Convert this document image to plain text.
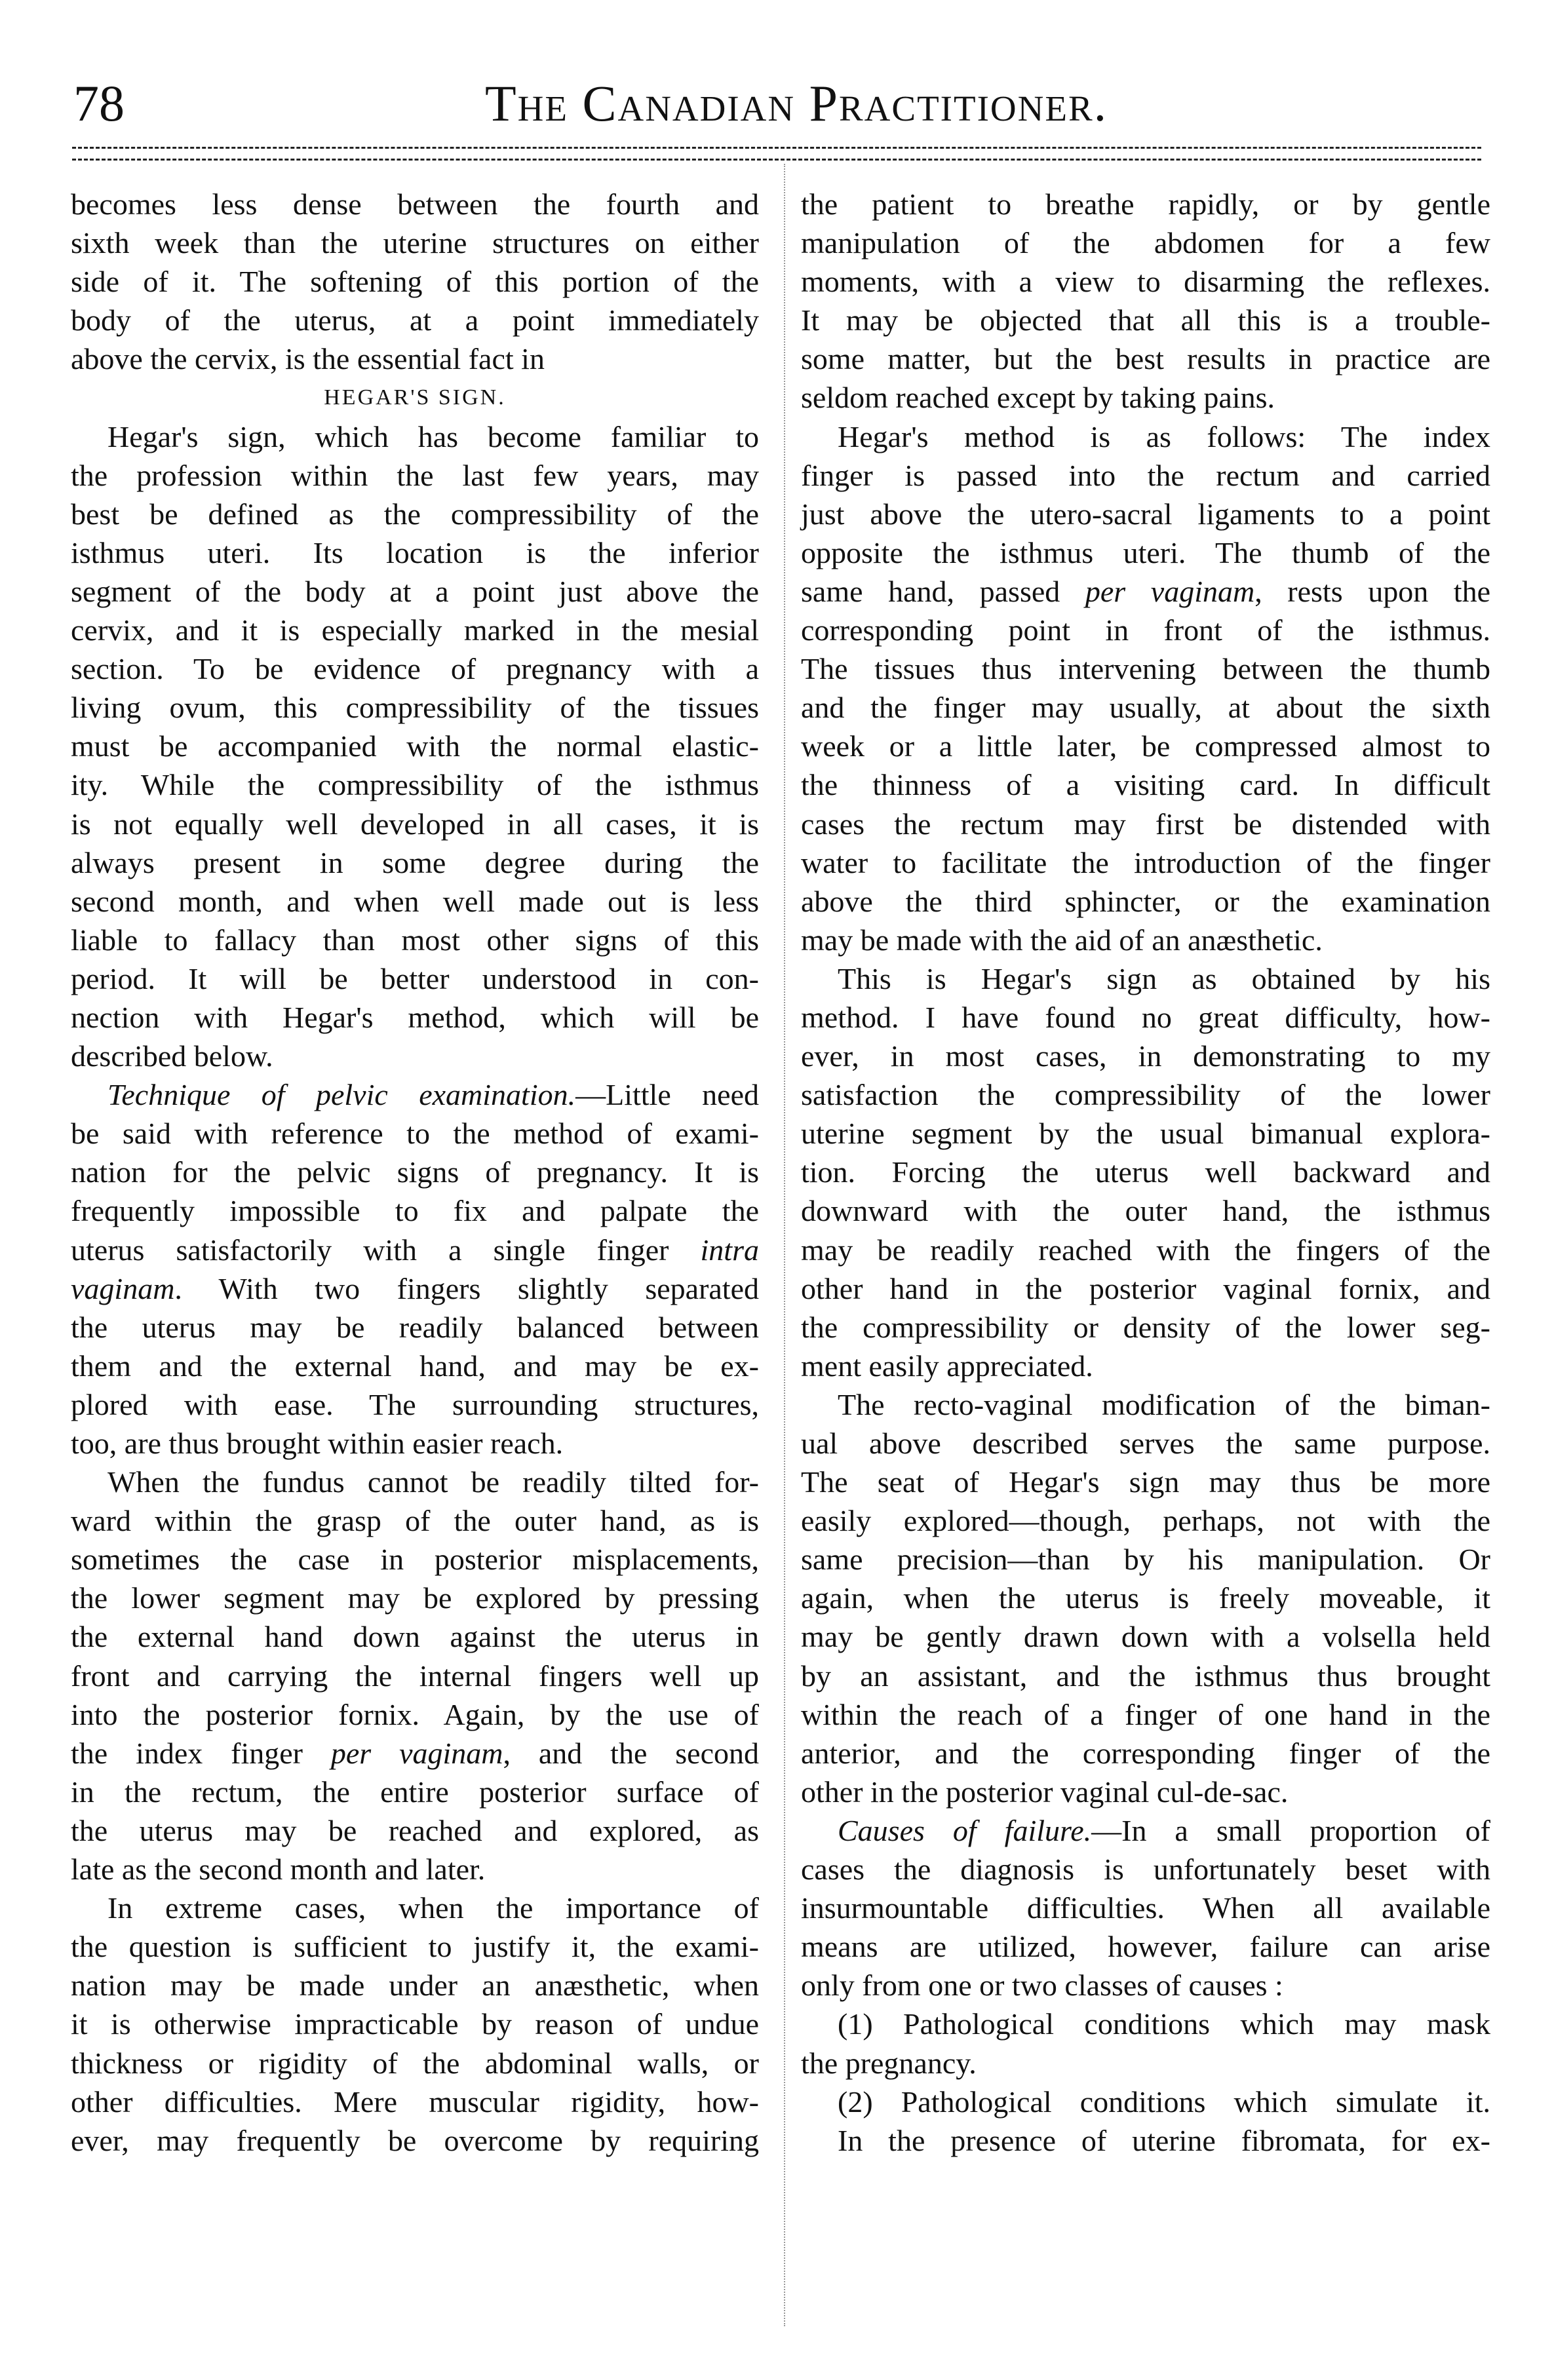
78	The Canadian Practitioner.
becomes less dense between the fourth and
sixth week than the uterine structures on either
side of it. The softening of this portion of the
body of the uterus, at a point immediately
above the cervix, is the essential fact in
HEGAR'S SIGN.
Hegar's sign, which has become familiar to
the profession within the last few years, may
best be defined as the compressibility of the
isthmus uteri. Its location is the inferior
segment of the body at a point just above the
cervix, and it is especially marked in the mesial
section. To be evidence of pregnancy with a
living ovum, this compressibility of the tissues
must be accompanied with the normal elastic-
ity. While the compressibility of the isthmus
is not equally well developed in all cases, it is
always present in some degree during the
second month, and when well made out is less
liable to fallacy than most other signs of this
period. It will be better understood in con-
nection with Hegar's method, which will be
described below.
Technique of pelvic examination.—Little need
be said with reference to the method of exami-
nation for the pelvic signs of pregnancy. It is
frequently impossible to fix and palpate the
uterus satisfactorily with a single finger intra
vaginam. With two fingers slightly separated
the uterus may be readily balanced between
them and the external hand, and may be ex-
plored with ease. The surrounding structures,
too, are thus brought within easier reach.
When the fundus cannot be readily tilted for-
ward within the grasp of the outer hand, as is
sometimes the case in posterior misplacements,
the lower segment may be explored by pressing
the external hand down against the uterus in
front and carrying the internal fingers well up
into the posterior fornix. Again, by the use of
the index finger per vaginam, and the second
in the rectum, the entire posterior surface of
the uterus may be reached and explored, as
late as the second month and later.
In extreme cases, when the importance of
the question is sufficient to justify it, the exami-
nation may be made under an anæsthetic, when
it is otherwise impracticable by reason of undue
thickness or rigidity of the abdominal walls, or
other difficulties. Mere muscular rigidity, how-
ever, may frequently be overcome by requiring
the patient to breathe rapidly, or by gentle
manipulation of the abdomen for a few
moments, with a view to disarming the reflexes.
It may be objected that all this is a trouble-
some matter, but the best results in practice are
seldom reached except by taking pains.
Hegar's method is as follows: The index
finger is passed into the rectum and carried
just above the utero-sacral ligaments to a point
opposite the isthmus uteri. The thumb of the
same hand, passed per vaginam, rests upon the
corresponding point in front of the isthmus.
The tissues thus intervening between the thumb
and the finger may usually, at about the sixth
week or a little later, be compressed almost to
the thinness of a visiting card. In difficult
cases the rectum may first be distended with
water to facilitate the introduction of the finger
above the third sphincter, or the examination
may be made with the aid of an anæsthetic.
This is Hegar's sign as obtained by his
method. I have found no great difficulty, how-
ever, in most cases, in demonstrating to my
satisfaction the compressibility of the lower
uterine segment by the usual bimanual explora-
tion. Forcing the uterus well backward and
downward with the outer hand, the isthmus
may be readily reached with the fingers of the
other hand in the posterior vaginal fornix, and
the compressibility or density of the lower seg-
ment easily appreciated.
The recto-vaginal modification of the biman-
ual above described serves the same purpose.
The seat of Hegar's sign may thus be more
easily explored—though, perhaps, not with the
same precision—than by his manipulation. Or
again, when the uterus is freely moveable, it
may be gently drawn down with a volsella held
by an assistant, and the isthmus thus brought
within the reach of a finger of one hand in the
anterior, and the corresponding finger of the
other in the posterior vaginal cul-de-sac.
Causes of failure.—In a small proportion of
cases the diagnosis is unfortunately beset with
insurmountable difficulties. When all available
means are utilized, however, failure can arise
only from one or two classes of causes :
(1) Pathological conditions which may mask
the pregnancy.
(2) Pathological conditions which simulate it.
In the presence of uterine fibromata, for ex-
